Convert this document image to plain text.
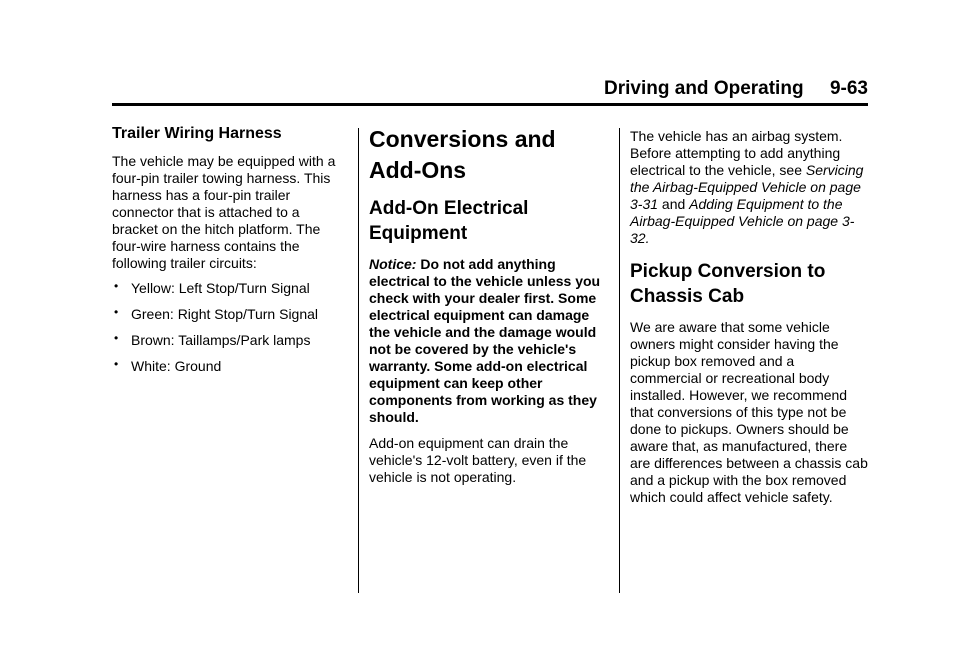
Driving and Operating 9-63
Trailer Wiring Harness

The vehicle may be equipped with a four-pin trailer towing harness. This harness has a four-pin trailer connector that is attached to a bracket on the hitch platform. The four-wire harness contains the following trailer circuits:

• Yellow: Left Stop/Turn Signal
• Green: Right Stop/Turn Signal
• Brown: Taillamps/Park lamps
• White: Ground
Conversions and Add-Ons
Add-On Electrical Equipment

Notice: Do not add anything electrical to the vehicle unless you check with your dealer first. Some electrical equipment can damage the vehicle and the damage would not be covered by the vehicle's warranty. Some add-on electrical equipment can keep other components from working as they should.

Add-on equipment can drain the vehicle's 12-volt battery, even if the vehicle is not operating.

The vehicle has an airbag system. Before attempting to add anything electrical to the vehicle, see Servicing the Airbag-Equipped Vehicle on page 3-31 and Adding Equipment to the Airbag-Equipped Vehicle on page 3-32.

Pickup Conversion to Chassis Cab

We are aware that some vehicle owners might consider having the pickup box removed and a commercial or recreational body installed. However, we recommend that conversions of this type not be done to pickups. Owners should be aware that, as manufactured, there are differences between a chassis cab and a pickup with the box removed which could affect vehicle safety.
